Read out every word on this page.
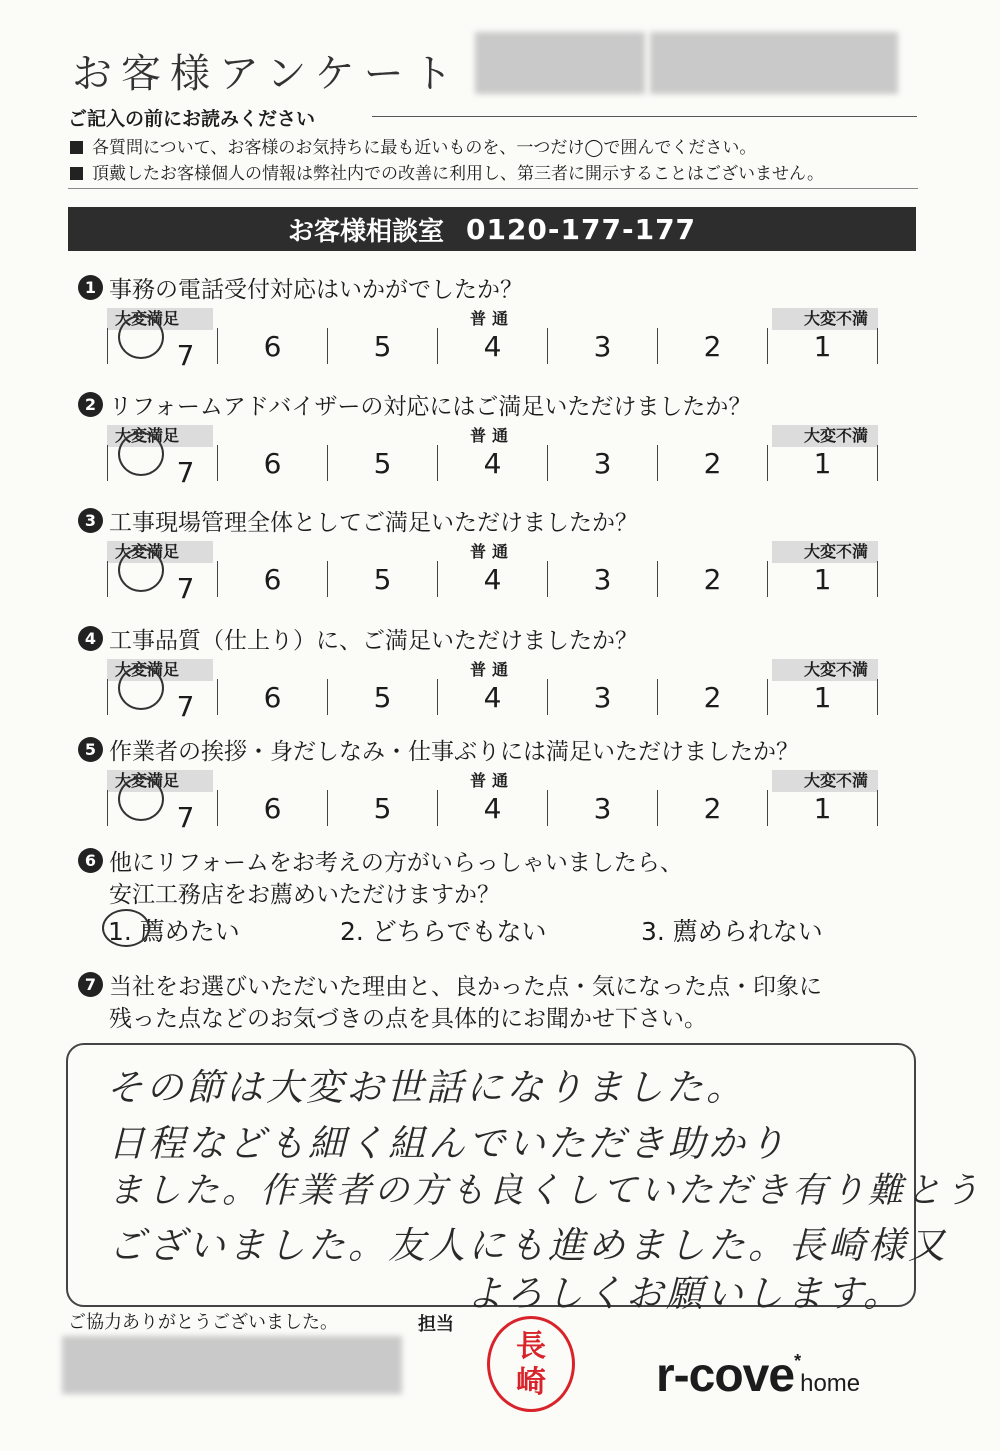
お客様アンケート
ご記入の前にお読みください
各質問について、お客様のお気持ちに最も近いものを、一つだけ◯で囲んでください。
頂戴したお客様個人の情報は弊社内での改善に利用し、第三者に開示することはございません。
お客様相談室 0120-177-177
1 事務の電話受付対応はいかがでしたか？
大変満足	普通	大変不満
7 6	5	4	3	2	1
2 リフォームアドバイザーの対応にはご満足いただけましたか？
大変満足	普通	大変不満
7 6	5	4	3	2	1
3 工事現場管理全体としてご満足いただけましたか？
大変満足	普通	大変不満
7 6	5	4	3	2	1
4 工事品質（仕上り）に、ご満足いただけましたか？
大変満足	普通	大変不満
7 6	5	4	3	2	1
5 作業者の挨拶・身だしなみ・仕事ぶりには満足いただけましたか？
大変満足	普通	大変不満
7 6	5	4	3	2	1
6 他にリフォームをお考えの方がいらっしゃいましたら、
安江工務店をお薦めいただけますか？
1. 薦めたい	2. どちらでもない	3. 薦められない
7 当社をお選びいただいた理由と、良かった点・気になった点・印象に
残った点などのお気づきの点を具体的にお聞かせ下さい。
その節は大変お世話になりました。
日程なども細く組んでいただき助かり
ました。作業者の方も良くしていただき有り難とう
ございました。友人にも進めました。長崎様又
よろしくお願いします。
ご協力ありがとうございました。	担当
長
崎	r-cove*home
